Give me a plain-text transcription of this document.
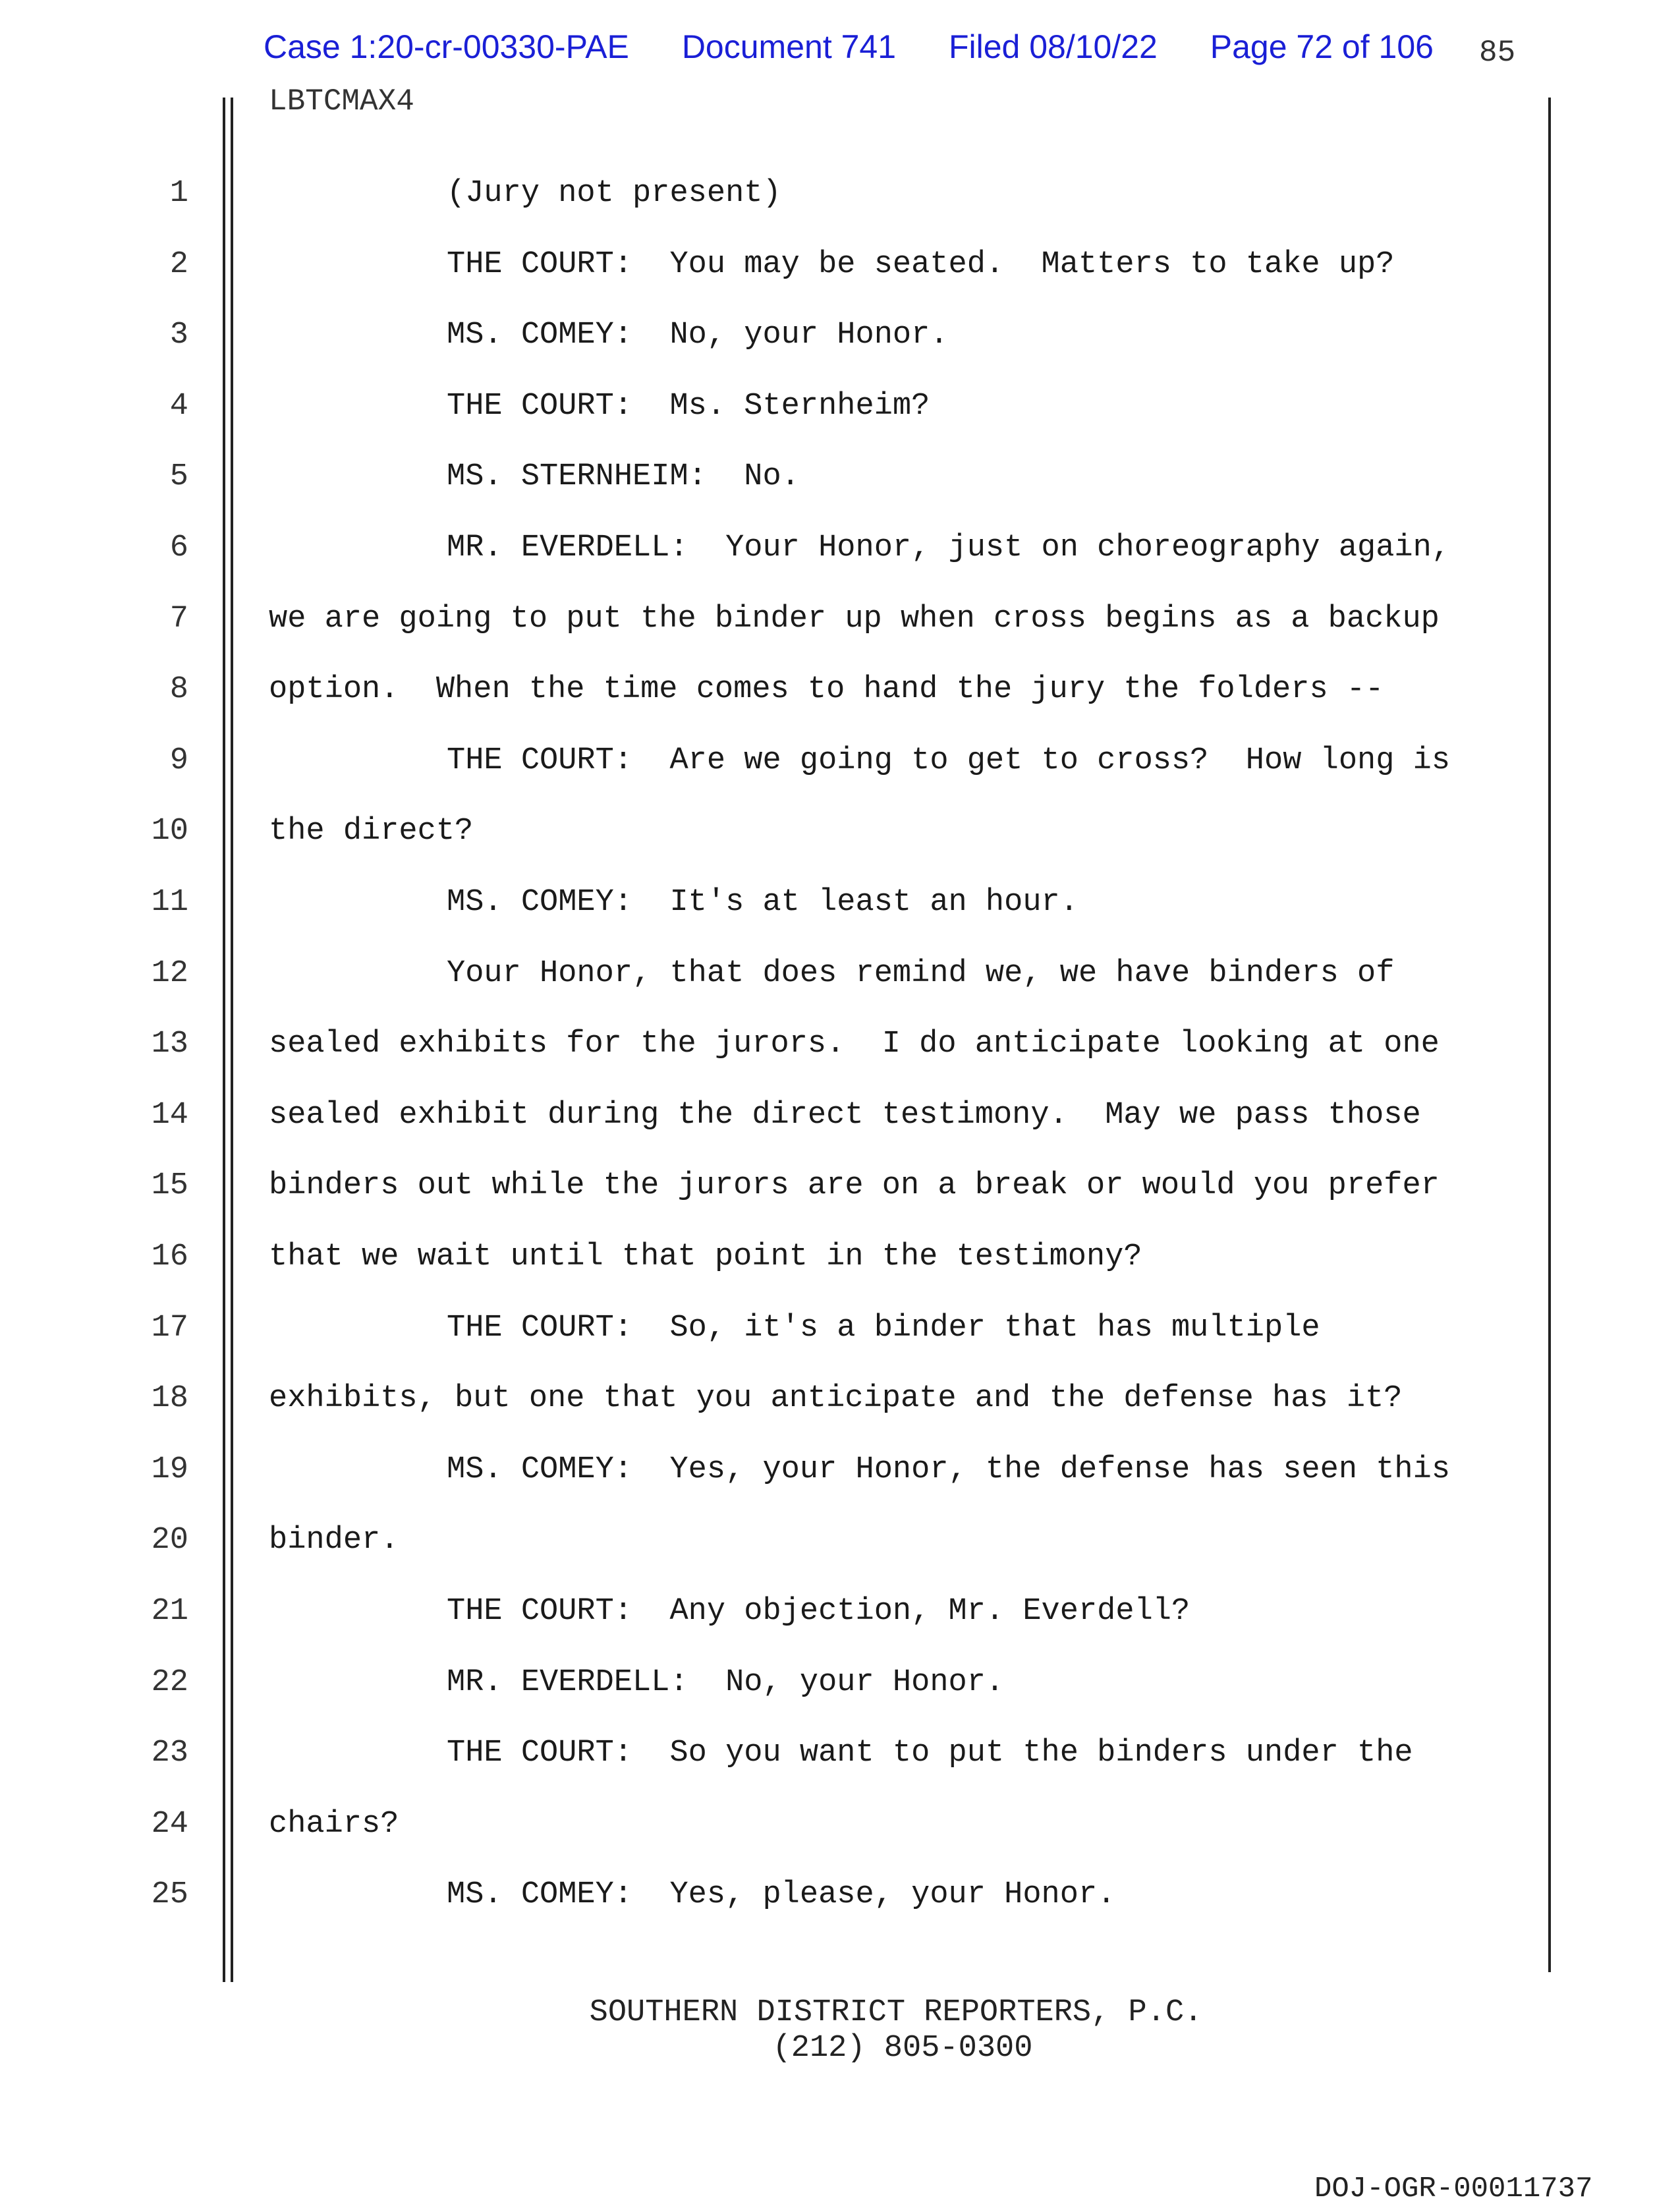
Case 1:20-cr-00330-PAE Document 741 Filed 08/10/22 Page 72 of 106 85
LBTCMAX4
1	(Jury not present)
2	THE COURT:  You may be seated.  Matters to take up?
3	MS. COMEY:  No, your Honor.
4	THE COURT:  Ms. Sternheim?
5	MS. STERNHEIM:  No.
6	MR. EVERDELL:  Your Honor, just on choreography again,
7	we are going to put the binder up when cross begins as a backup
8	option.  When the time comes to hand the jury the folders --
9	THE COURT:  Are we going to get to cross?  How long is
10	the direct?
11	MS. COMEY:  It's at least an hour.
12	Your Honor, that does remind we, we have binders of
13	sealed exhibits for the jurors.  I do anticipate looking at one
14	sealed exhibit during the direct testimony.  May we pass those
15	binders out while the jurors are on a break or would you prefer
16	that we wait until that point in the testimony?
17	THE COURT:  So, it's a binder that has multiple
18	exhibits, but one that you anticipate and the defense has it?
19	MS. COMEY:  Yes, your Honor, the defense has seen this
20	binder.
21	THE COURT:  Any objection, Mr. Everdell?
22	MR. EVERDELL:  No, your Honor.
23	THE COURT:  So you want to put the binders under the
24	chairs?
25	MS. COMEY:  Yes, please, your Honor.
SOUTHERN DISTRICT REPORTERS, P.C.
(212) 805-0300
DOJ-OGR-00011737
